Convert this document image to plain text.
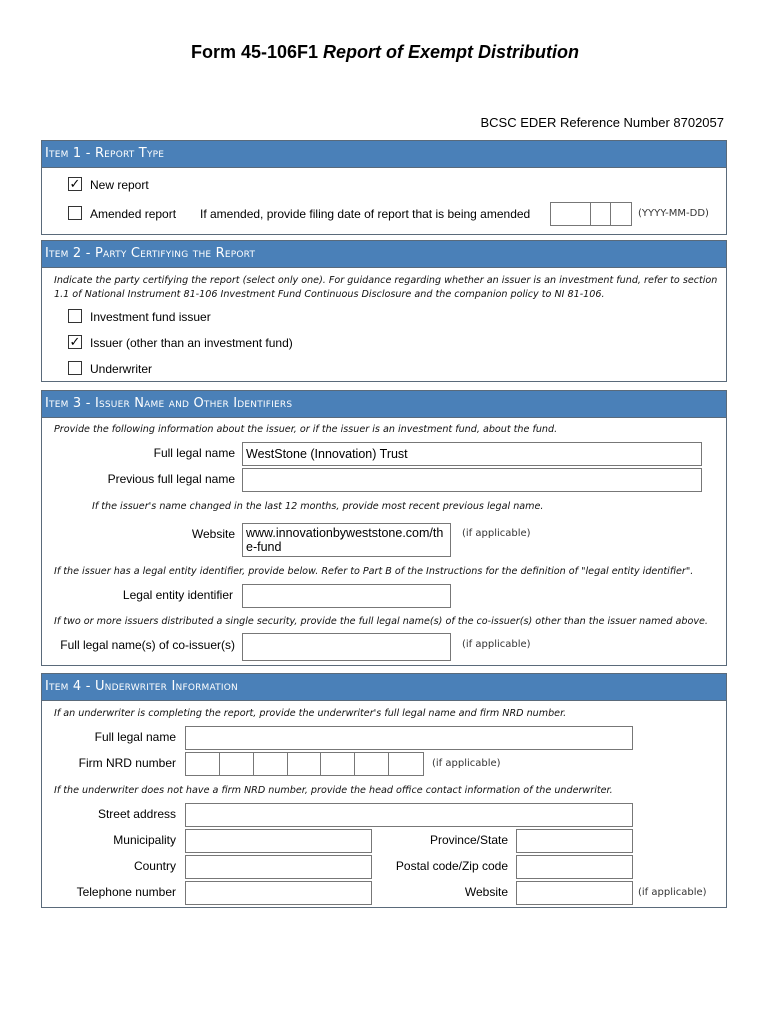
Form 45-106F1 Report of Exempt Distribution
BCSC EDER Reference Number 8702057
Item 1 - Report Type
✓ New report
Amended report If amended, provide filing date of report that is being amended	(YYYY-MM-DD)
Item 2 - Party Certifying the Report
Indicate the party certifying the report (select only one). For guidance regarding whether an issuer is an investment fund, refer to section 1.1 of National Instrument 81-106 Investment Fund Continuous Disclosure and the companion policy to NI 81-106.
Investment fund issuer
✓ Issuer (other than an investment fund)
Underwriter
Item 3 - Issuer Name and Other Identifiers
Provide the following information about the issuer, or if the issuer is an investment fund, about the fund.
Full legal name WestStone (Innovation) Trust
Previous full legal name
If the issuer's name changed in the last 12 months, provide most recent previous legal name.
Website www.innovationbyweststone.com/the-fund
(if applicable)
If the issuer has a legal entity identifier, provide below. Refer to Part B of the Instructions for the definition of "legal entity identifier".
Legal entity identifier
If two or more issuers distributed a single security, provide the full legal name(s) of the co-issuer(s) other than the issuer named above.
Full legal name(s) of co-issuer(s)	(if applicable)
Item 4 - Underwriter Information
If an underwriter is completing the report, provide the underwriter's full legal name and firm NRD number.
Full legal name
Firm NRD number	(if applicable)
If the underwriter does not have a firm NRD number, provide the head office contact information of the underwriter.
Street address
Municipality	Province/State
Country	Postal code/Zip code
Telephone number	Website	(if applicable)
